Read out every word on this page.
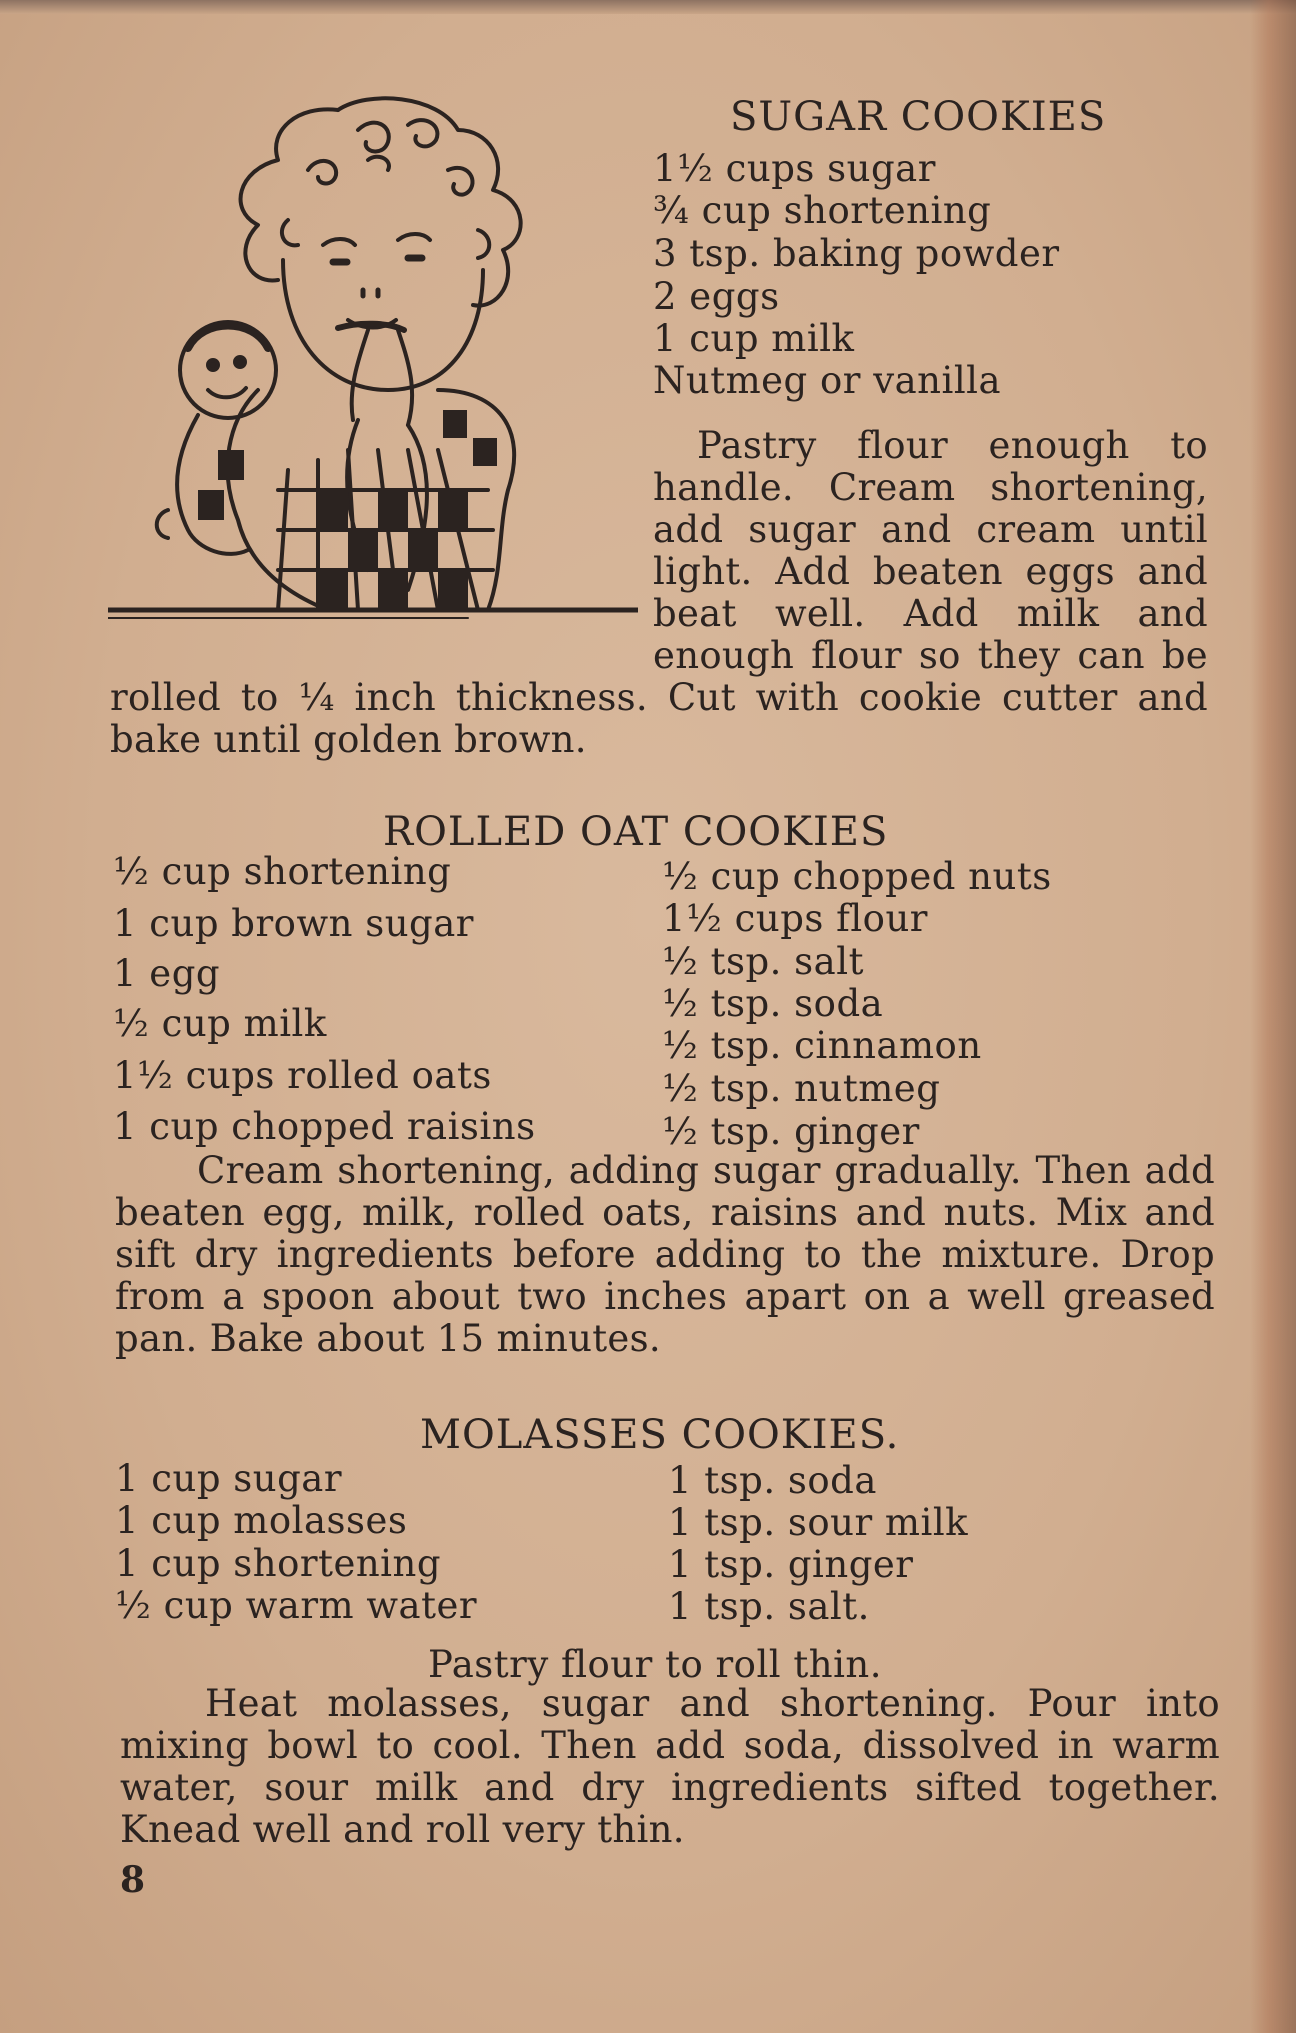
SUGAR COOKIES
1½ cups sugar
¾ cup shortening
3 tsp. baking powder
2 eggs
1 cup milk
Nutmeg or vanilla
Pastry flour enough to
handle. Cream shortening,
add sugar and cream until
light. Add beaten eggs and
beat well. Add milk and
enough flour so they can be
rolled to ¼ inch thickness. Cut with cookie cutter and
bake until golden brown.
ROLLED OAT COOKIES
½ cup shortening
1 cup brown sugar
1 egg
½ cup milk
1½ cups rolled oats
1 cup chopped raisins
½ cup chopped nuts
1½ cups flour
½ tsp. salt
½ tsp. soda
½ tsp. cinnamon
½ tsp. nutmeg
½ tsp. ginger
Cream shortening, adding sugar gradually. Then add beaten egg, milk, rolled oats, raisins and nuts. Mix and sift dry ingredients before adding to the mixture. Drop from a spoon about two inches apart on a well greased pan. Bake about 15 minutes.
MOLASSES COOKIES.
1 cup sugar
1 cup molasses
1 cup shortening
½ cup warm water
1 tsp. soda
1 tsp. sour milk
1 tsp. ginger
1 tsp. salt.
Pastry flour to roll thin.
Heat molasses, sugar and shortening. Pour into mixing bowl to cool. Then add soda, dissolved in warm water, sour milk and dry ingredients sifted together. Knead well and roll very thin.
8
